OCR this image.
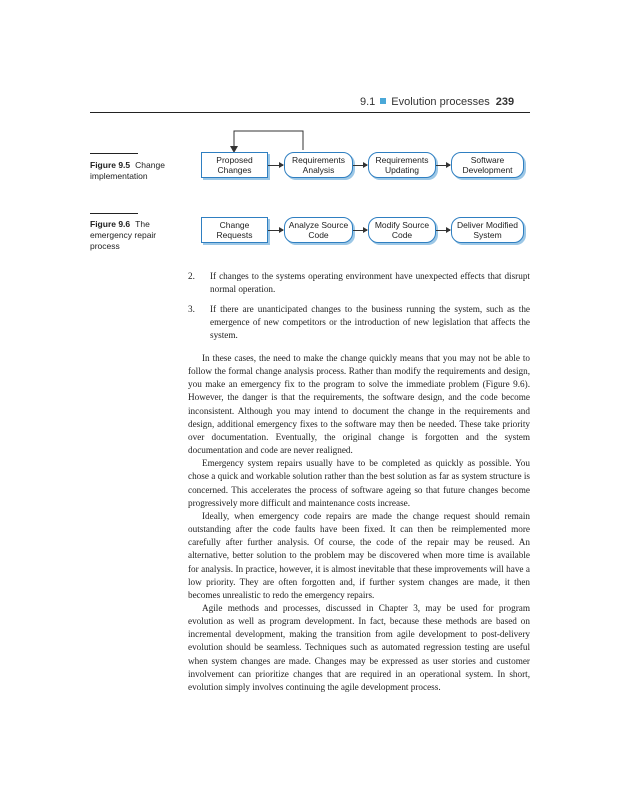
9.1 Evolution processes 239
Figure 9.5 Change implementation
Proposed Changes
Requirements Analysis
Requirements Updating
Software Development
Figure 9.6 The emergency repair process
Change Requests
Analyze Source Code
Modify Source Code
Deliver Modified System
2. If changes to the systems operating environment have unexpected effects that disrupt normal operation.
3. If there are unanticipated changes to the business running the system, such as the emergence of new competitors or the introduction of new legislation that affects the system.

In these cases, the need to make the change quickly means that you may not be able to follow the formal change analysis process. Rather than modify the requirements and design, you make an emergency fix to the program to solve the immediate problem (Figure 9.6). However, the danger is that the requirements, the software design, and the code become inconsistent. Although you may intend to document the change in the requirements and design, additional emergency fixes to the software may then be needed. These take priority over documentation. Eventually, the original change is forgotten and the system documentation and code are never realigned.

Emergency system repairs usually have to be completed as quickly as possible. You chose a quick and workable solution rather than the best solution as far as system structure is concerned. This accelerates the process of software ageing so that future changes become progressively more difficult and maintenance costs increase.

Ideally, when emergency code repairs are made the change request should remain outstanding after the code faults have been fixed. It can then be reimplemented more carefully after further analysis. Of course, the code of the repair may be reused. An alternative, better solution to the problem may be discovered when more time is available for analysis. In practice, however, it is almost inevitable that these improvements will have a low priority. They are often forgotten and, if further system changes are made, it then becomes unrealistic to redo the emergency repairs.

Agile methods and processes, discussed in Chapter 3, may be used for program evolution as well as program development. In fact, because these methods are based on incremental development, making the transition from agile development to post-delivery evolution should be seamless. Techniques such as automated regression testing are useful when system changes are made. Changes may be expressed as user stories and customer involvement can prioritize changes that are required in an operational system. In short, evolution simply involves continuing the agile development process.
